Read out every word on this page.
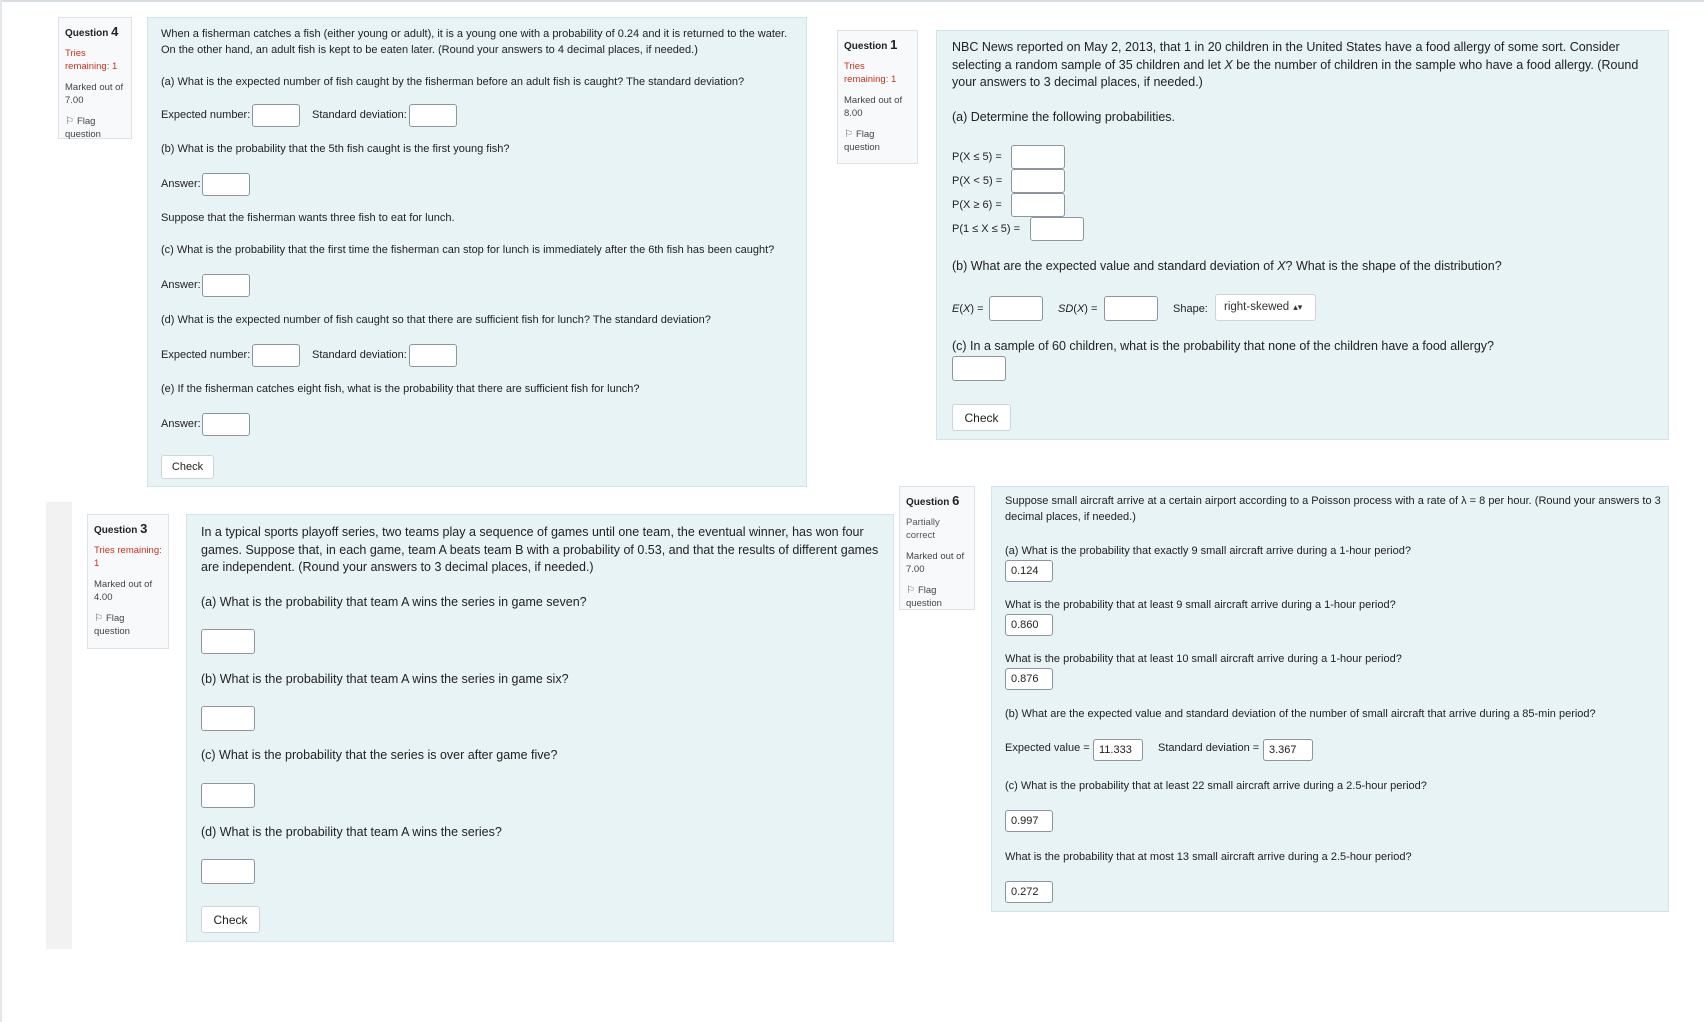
Question 4
Tries remaining: 1
Marked out of 7.00
⚐ Flag question

When a fisherman catches a fish (either young or adult), it is a young one with a probability of 0.24 and it is returned to the water. On the other hand, an adult fish is kept to be eaten later. (Round your answers to 4 decimal places, if needed.)

(a) What is the expected number of fish caught by the fisherman before an adult fish is caught? The standard deviation?

Expected number:	Standard deviation:

(b) What is the probability that the 5th fish caught is the first young fish?

Answer:

Suppose that the fisherman wants three fish to eat for lunch.

(c) What is the probability that the first time the fisherman can stop for lunch is immediately after the 6th fish has been caught?

Answer:

(d) What is the expected number of fish caught so that there are sufficient fish for lunch? The standard deviation?

Expected number:	Standard deviation:

(e) If the fisherman catches eight fish, what is the probability that there are sufficient fish for lunch?

Answer:

Check
Question 1
Tries remaining: 1
Marked out of 8.00
⚐ Flag question

NBC News reported on May 2, 2013, that 1 in 20 children in the United States have a food allergy of some sort. Consider selecting a random sample of 35 children and let X be the number of children in the sample who have a food allergy. (Round your answers to 3 decimal places, if needed.)

(a) Determine the following probabilities.

P(X ≤ 5) =

P(X < 5) =

P(X ≥ 6) =

P(1 ≤ X ≤ 5) =

(b) What are the expected value and standard deviation of X? What is the shape of the distribution?

E(X) =	SD(X) =	Shape:	right-skewed ▴▾

(c) In a sample of 60 children, what is the probability that none of the children have a food allergy?

Check
Question 3
Tries remaining: 1
Marked out of 4.00
⚐ Flag question

In a typical sports playoff series, two teams play a sequence of games until one team, the eventual winner, has won four games. Suppose that, in each game, team A beats team B with a probability of 0.53, and that the results of different games are independent. (Round your answers to 3 decimal places, if needed.)

(a) What is the probability that team A wins the series in game seven?

(b) What is the probability that team A wins the series in game six?

(c) What is the probability that the series is over after game five?

(d) What is the probability that team A wins the series?

Check
Question 6
Partially correct
Marked out of 7.00
⚐ Flag question

Suppose small aircraft arrive at a certain airport according to a Poisson process with a rate of λ = 8 per hour. (Round your answers to 3 decimal places, if needed.)

(a) What is the probability that exactly 9 small aircraft arrive during a 1-hour period?

0.124

What is the probability that at least 9 small aircraft arrive during a 1-hour period?

0.860

What is the probability that at least 10 small aircraft arrive during a 1-hour period?

0.876

(b) What are the expected value and standard deviation of the number of small aircraft that arrive during a 85-min period?

Expected value = 11.333	Standard deviation = 3.367

(c) What is the probability that at least 22 small aircraft arrive during a 2.5-hour period?

0.997

What is the probability that at most 13 small aircraft arrive during a 2.5-hour period?

0.272
